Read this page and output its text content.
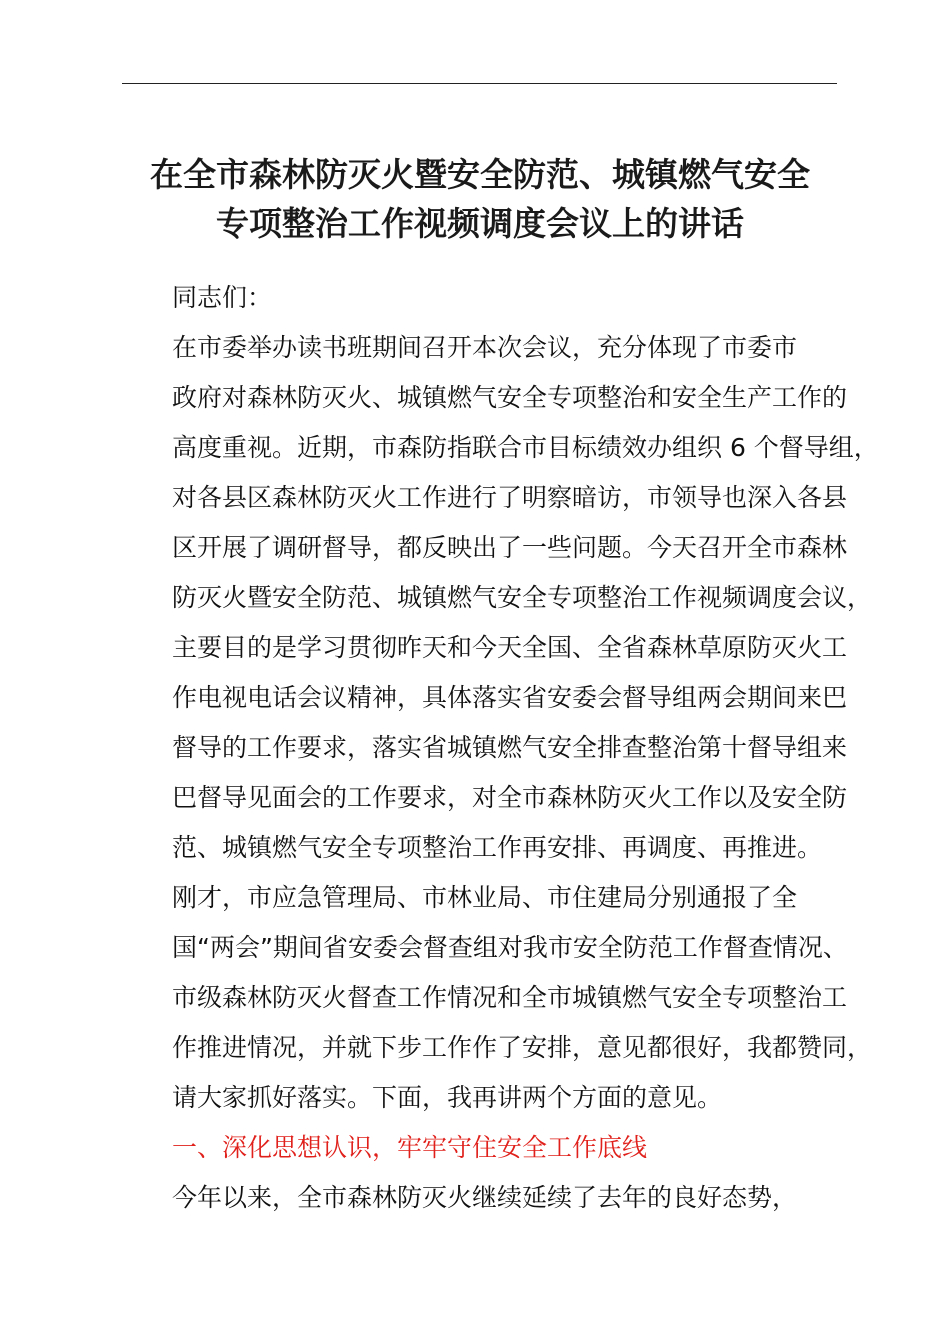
在全市森林防灭火暨安全防范、城镇燃气安全
专项整治工作视频调度会议上的讲话

同志们：

在市委举办读书班期间召开本次会议，充分体现了市委市
政府对森林防灭火、城镇燃气安全专项整治和安全生产工作的
高度重视。近期，市森防指联合市目标绩效办组织 6 个督导组，
对各县区森林防灭火工作进行了明察暗访，市领导也深入各县
区开展了调研督导，都反映出了一些问题。今天召开全市森林
防灭火暨安全防范、城镇燃气安全专项整治工作视频调度会议，
主要目的是学习贯彻昨天和今天全国、全省森林草原防灭火工
作电视电话会议精神，具体落实省安委会督导组两会期间来巴
督导的工作要求，落实省城镇燃气安全排查整治第十督导组来
巴督导见面会的工作要求，对全市森林防灭火工作以及安全防
范、城镇燃气安全专项整治工作再安排、再调度、再推进。

刚才，市应急管理局、市林业局、市住建局分别通报了全
国“两会”期间省安委会督查组对我市安全防范工作督查情况、
市级森林防灭火督查工作情况和全市城镇燃气安全专项整治工
作推进情况，并就下步工作作了安排，意见都很好，我都赞同，
请大家抓好落实。下面，我再讲两个方面的意见。

一、深化思想认识，牢牢守住安全工作底线

今年以来，全市森林防灭火继续延续了去年的良好态势，
